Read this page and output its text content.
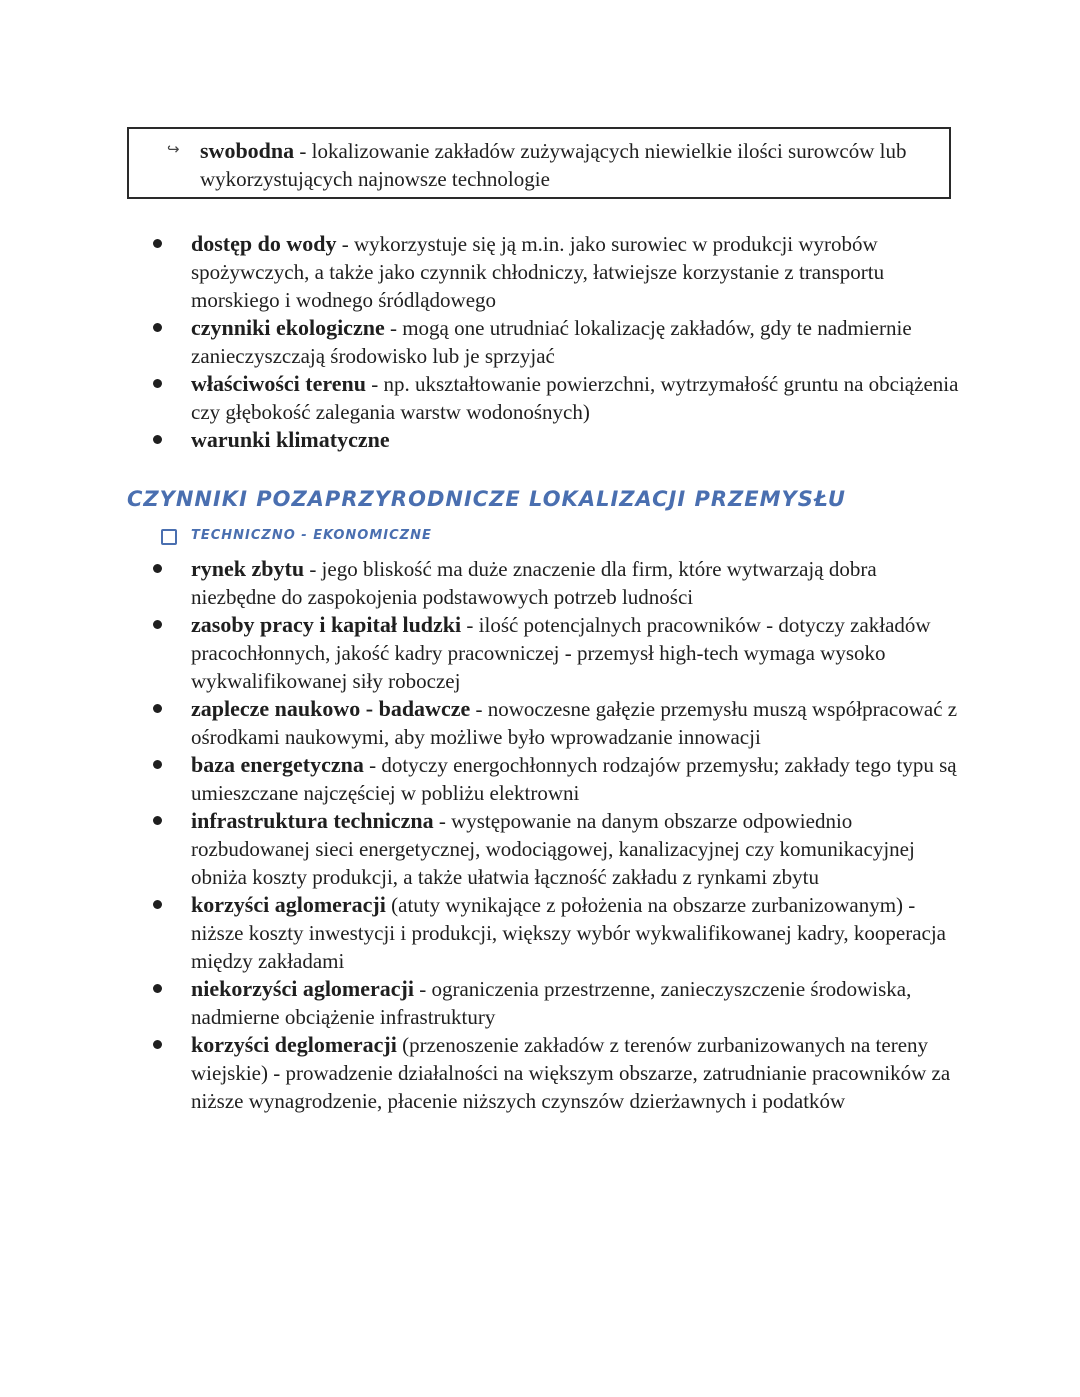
↪ swobodna - lokalizowanie zakładów zużywających niewielkie ilości surowców lub wykorzystujących najnowsze technologie
dostęp do wody - wykorzystuje się ją m.in. jako surowiec w produkcji wyrobów spożywczych, a także jako czynnik chłodniczy, łatwiejsze korzystanie z transportu morskiego i wodnego śródlądowego
czynniki ekologiczne - mogą one utrudniać lokalizację zakładów, gdy te nadmiernie zanieczyszczają środowisko lub je sprzyjać
właściwości terenu - np. ukształtowanie powierzchni, wytrzymałość gruntu na obciążenia czy głębokość zalegania warstw wodonośnych)
warunki klimatyczne
CZYNNIKI POZAPRZYRODNICZE LOKALIZACJI PRZEMYSŁU
TECHNICZNO - EKONOMICZNE
rynek zbytu - jego bliskość ma duże znaczenie dla firm, które wytwarzają dobra niezbędne do zaspokojenia podstawowych potrzeb ludności
zasoby pracy i kapitał ludzki - ilość potencjalnych pracowników - dotyczy zakładów pracochłonnych, jakość kadry pracowniczej - przemysł high-tech wymaga wysoko wykwalifikowanej siły roboczej
zaplecze naukowo - badawcze - nowoczesne gałęzie przemysłu muszą współpracować z ośrodkami naukowymi, aby możliwe było wprowadzanie innowacji
baza energetyczna - dotyczy energochłonnych rodzajów przemysłu; zakłady tego typu są umieszczane najczęściej w pobliżu elektrowni
infrastruktura techniczna - występowanie na danym obszarze odpowiednio rozbudowanej sieci energetycznej, wodociągowej, kanalizacyjnej czy komunikacyjnej obniża koszty produkcji, a także ułatwia łączność zakładu z rynkami zbytu
korzyści aglomeracji (atuty wynikające z położenia na obszarze zurbanizowanym) - niższe koszty inwestycji i produkcji, większy wybór wykwalifikowanej kadry, kooperacja między zakładami
niekorzyści aglomeracji - ograniczenia przestrzenne, zanieczyszczenie środowiska, nadmierne obciążenie infrastruktury
korzyści deglomeracji (przenoszenie zakładów z terenów zurbanizowanych na tereny wiejskie) - prowadzenie działalności na większym obszarze, zatrudnianie pracowników za niższe wynagrodzenie, płacenie niższych czynszów dzierżawnych i podatków
